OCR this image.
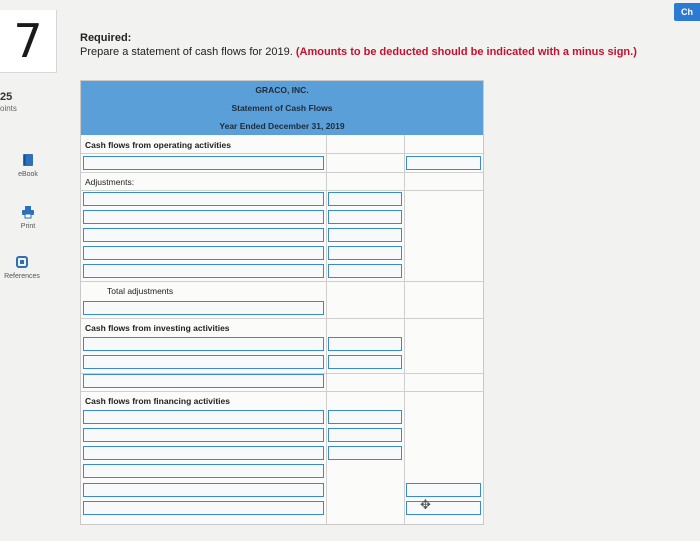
7
25
oints
eBook
Print
References
Ch
Required:
Prepare a statement of cash flows for 2019. (Amounts to be deducted should be indicated with a minus sign.)
GRACO, INC.
Statement of Cash Flows
Year Ended December 31, 2019
Cash flows from operating activities
Adjustments:
Total adjustments
Cash flows from investing activities
Cash flows from financing activities
✥
